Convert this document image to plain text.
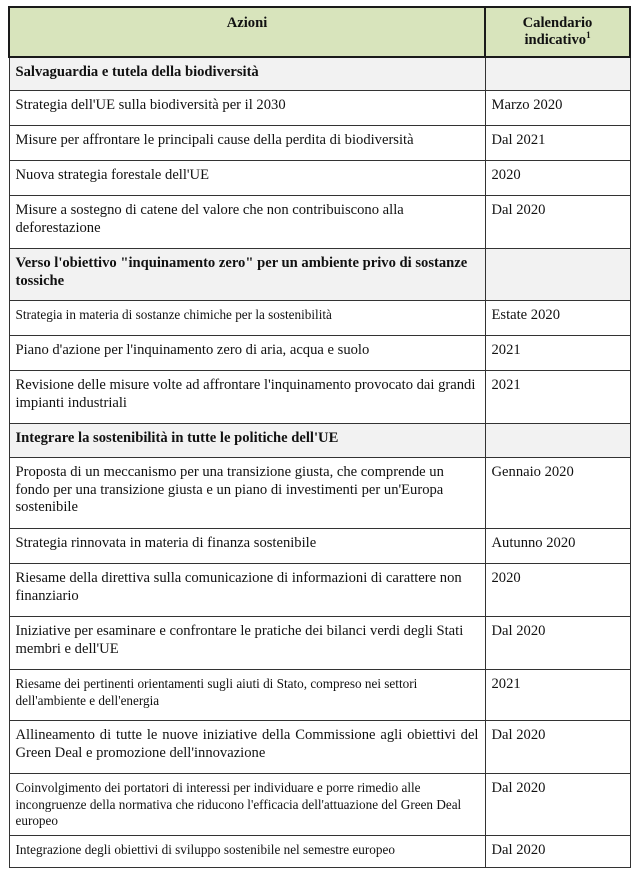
Azioni	Calendario
indicativo$^1$
Salvaguardia e tutela della biodiversità	
Strategia dell'UE sulla biodiversità per il 2030	Marzo 2020
Misure per affrontare le principali cause della perdita di biodiversità	Dal 2021
Nuova strategia forestale dell'UE	2020
Misure a sostegno di catene del valore che non contribuiscono alla deforestazione	Dal 2020
Verso l'obiettivo "inquinamento zero" per un ambiente privo di sostanze tossiche	
Strategia in materia di sostanze chimiche per la sostenibilità	Estate 2020
Piano d'azione per l'inquinamento zero di aria, acqua e suolo	2021
Revisione delle misure volte ad affrontare l'inquinamento provocato dai grandi impianti industriali	2021
Integrare la sostenibilità in tutte le politiche dell'UE	
Proposta di un meccanismo per una transizione giusta, che comprende un fondo per una transizione giusta e un piano di investimenti per un'Europa sostenibile	Gennaio 2020
Strategia rinnovata in materia di finanza sostenibile	Autunno 2020
Riesame della direttiva sulla comunicazione di informazioni di carattere non finanziario	2020
Iniziative per esaminare e confrontare le pratiche dei bilanci verdi degli Stati membri e dell'UE	Dal 2020
Riesame dei pertinenti orientamenti sugli aiuti di Stato, compreso nei settori dell'ambiente e dell'energia	2021
Allineamento di tutte le nuove iniziative della Commissione agli obiettivi del Green Deal e promozione dell'innovazione	Dal 2020
Coinvolgimento dei portatori di interessi per individuare e porre rimedio alle incongruenze della normativa che riducono l'efficacia dell'attuazione del Green Deal europeo	Dal 2020
Integrazione degli obiettivi di sviluppo sostenibile nel semestre europeo	Dal 2020
